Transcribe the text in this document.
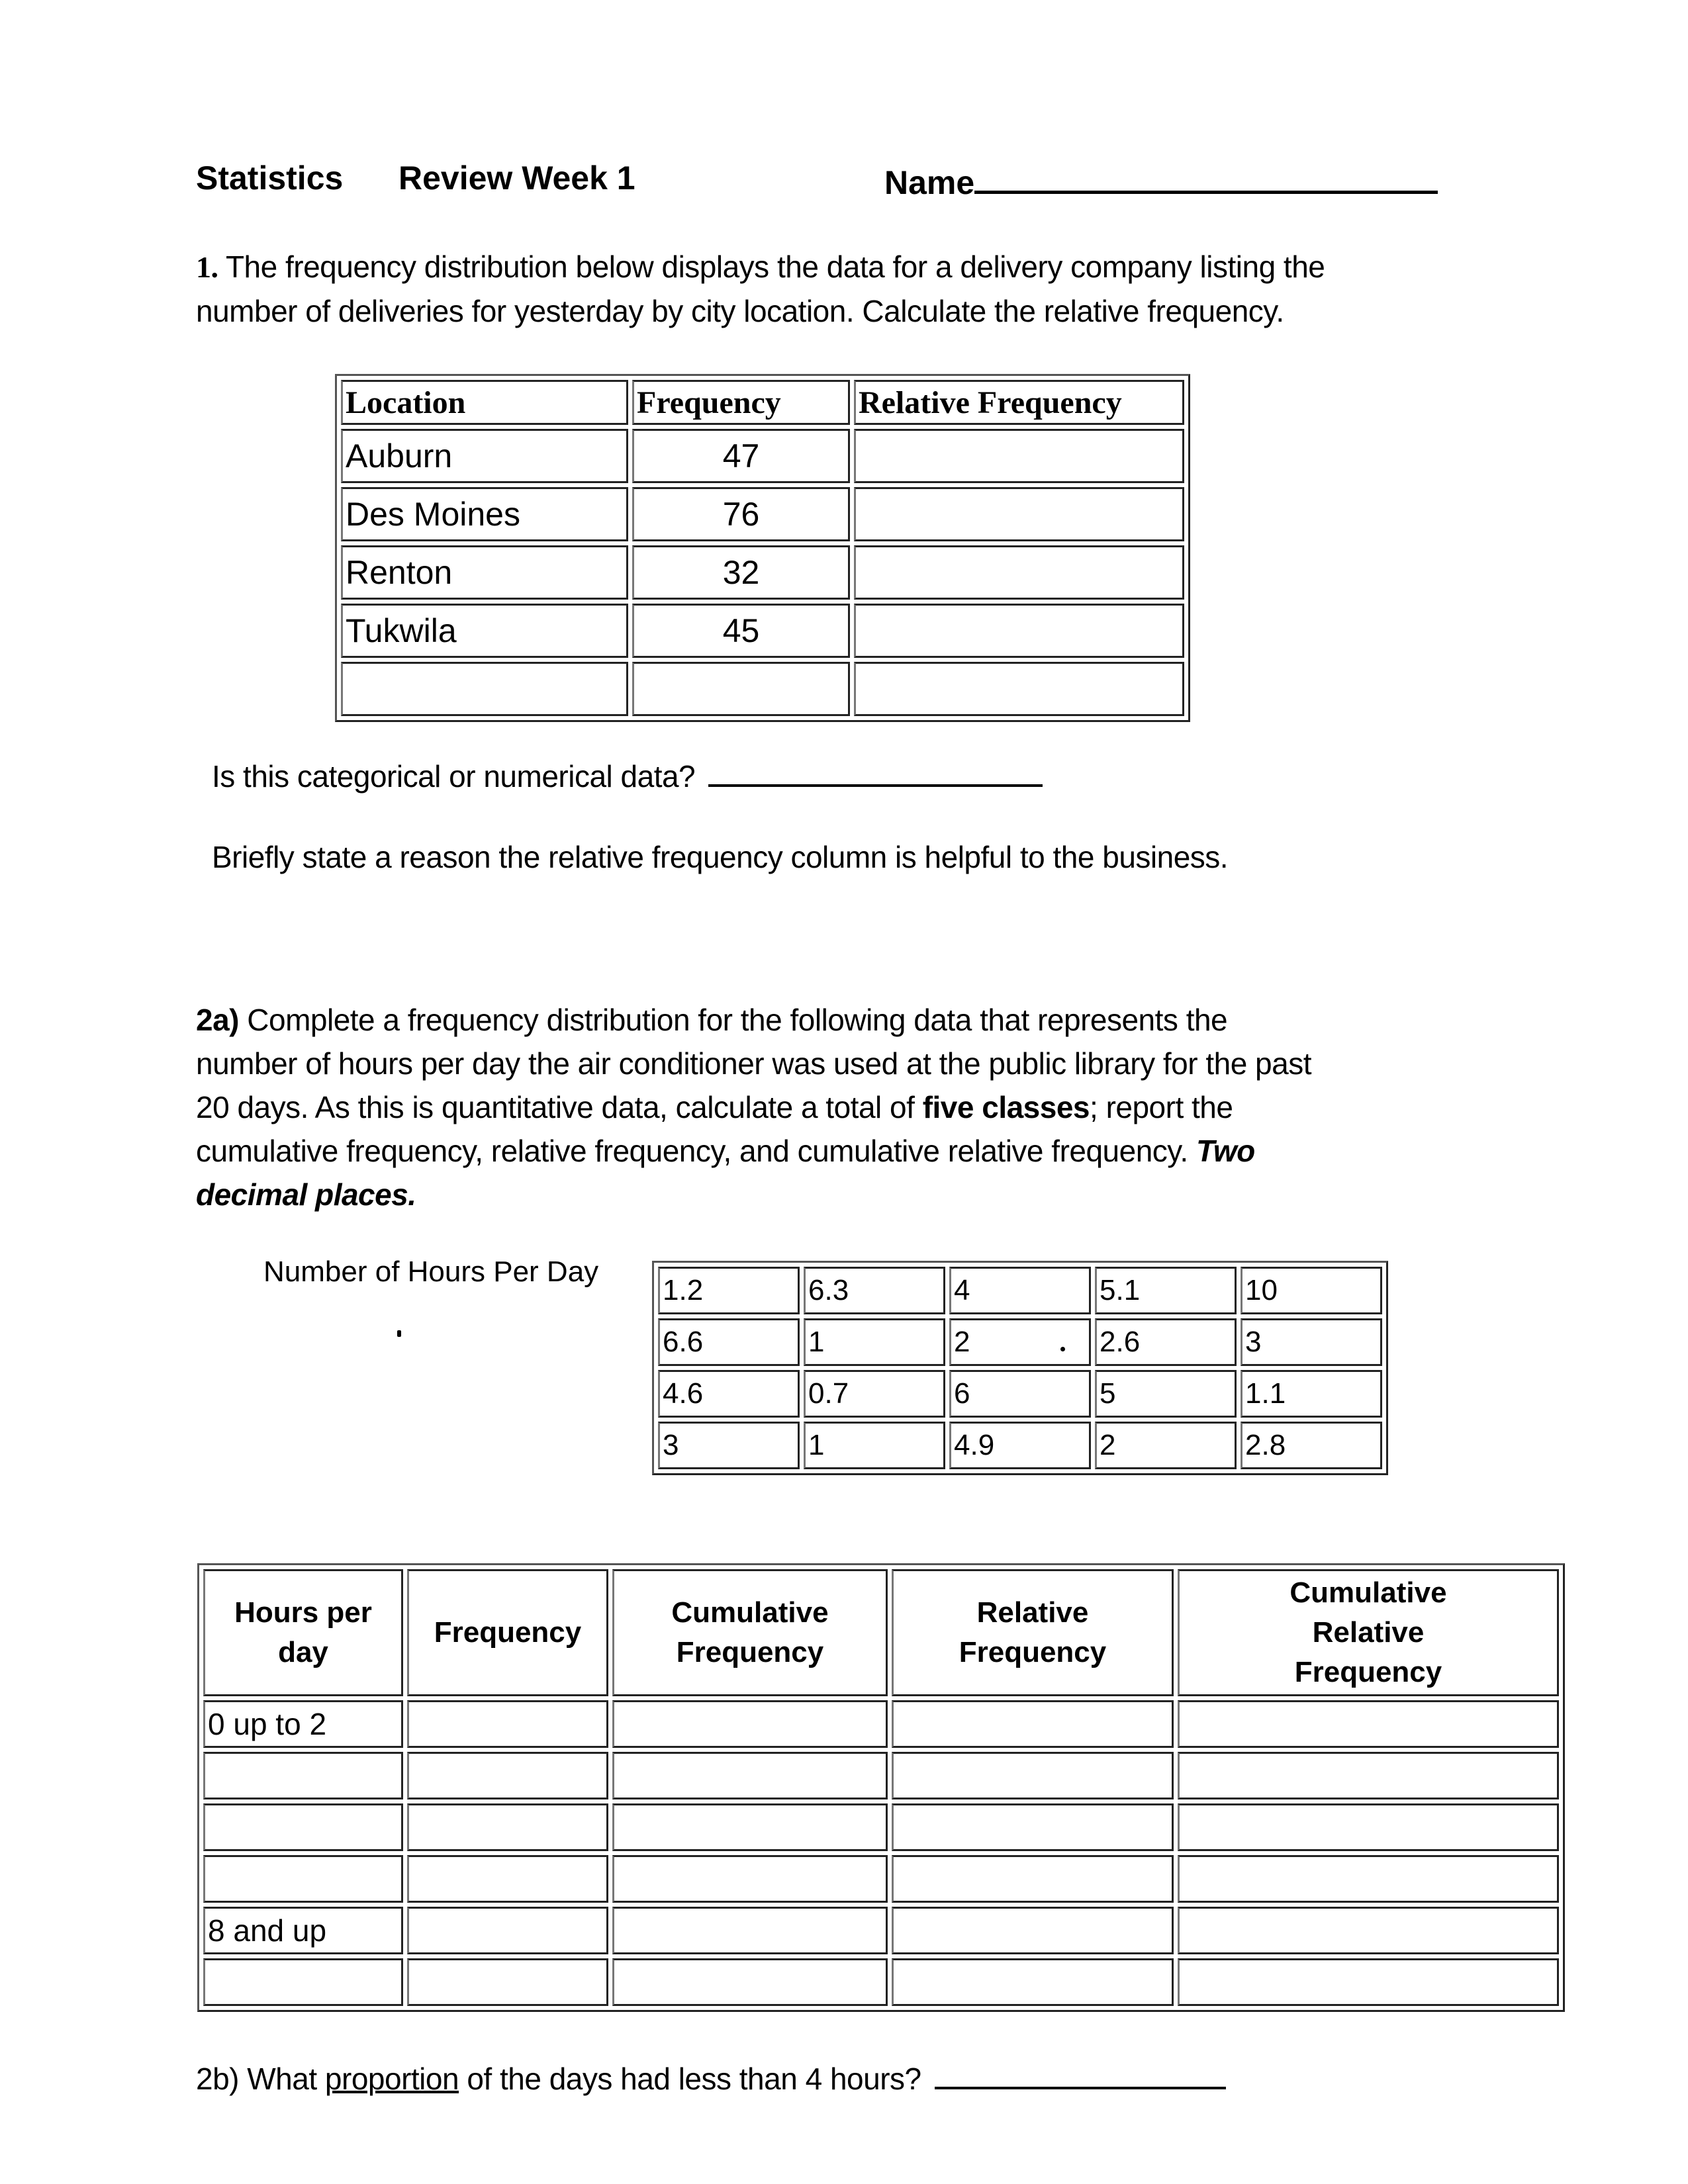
Statistics Review Week 1	Name
1. The frequency distribution below displays the data for a delivery company listing the
number of deliveries for yesterday by city location. Calculate the relative frequency.
Location	Frequency	Relative Frequency
Auburn	47	
Des Moines	76	
Renton	32	
Tukwila	45	

Is this categorical or numerical data?
Briefly state a reason the relative frequency column is helpful to the business.
2a) Complete a frequency distribution for the following data that represents the
number of hours per day the air conditioner was used at the public library for the past
20 days. As this is quantitative data, calculate a total of five classes; report the
cumulative frequency, relative frequency, and cumulative relative frequency. Two
decimal places.
Number of Hours Per Day
1.2	6.3	4	5.1	10
6.6	1	2	2.6	3
4.6	0.7	6	5	1.1
3	1	4.9	2	2.8
Hours per day	Frequency	Cumulative Frequency	Relative Frequency	Cumulative Relative Frequency
0 up to 2				

8 and up				

2b) What proportion of the days had less than 4 hours?
